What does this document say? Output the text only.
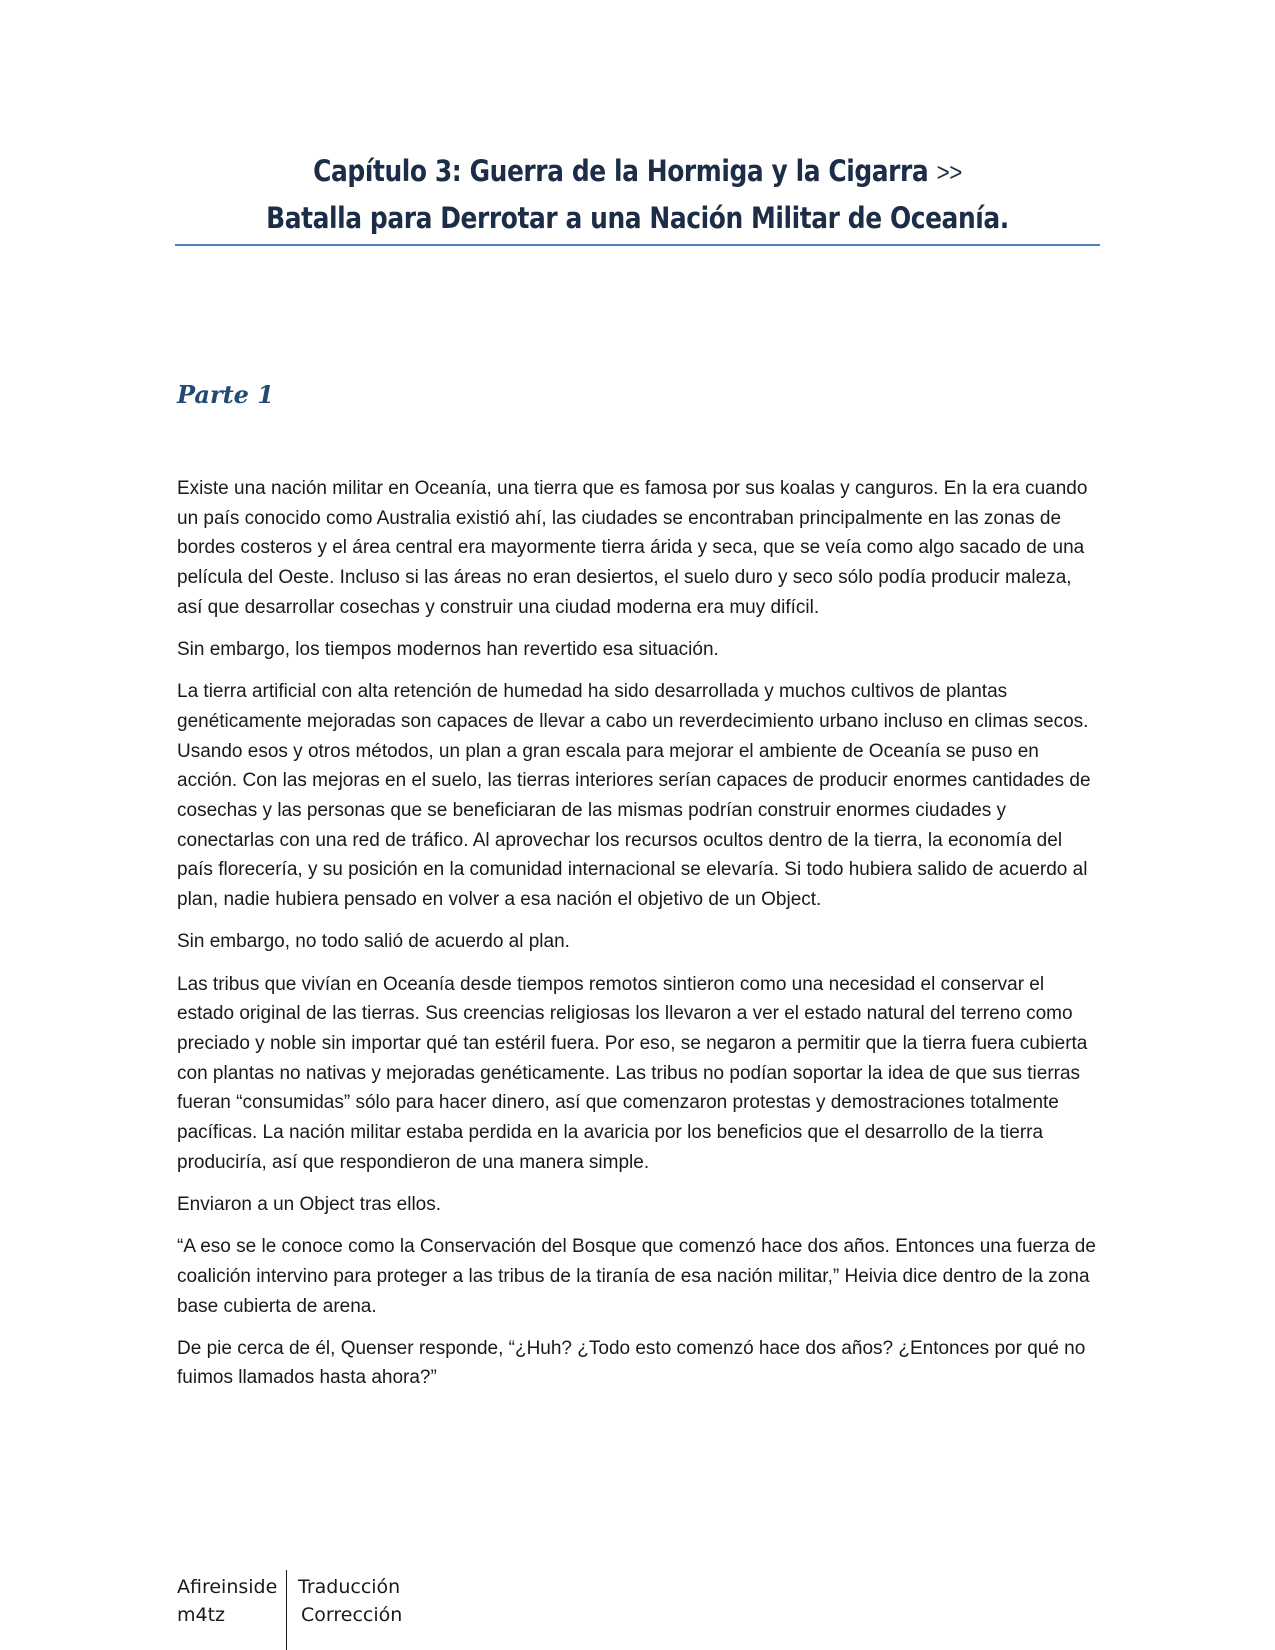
Capítulo 3: Guerra de la Hormiga y la Cigarra >>
Batalla para Derrotar a una Nación Militar de Oceanía.
Parte 1

Existe una nación militar en Oceanía, una tierra que es famosa por sus koalas y canguros. En la era cuando un país conocido como Australia existió ahí, las ciudades se encontraban principalmente en las zonas de bordes costeros y el área central era mayormente tierra árida y seca, que se veía como algo sacado de una película del Oeste. Incluso si las áreas no eran desiertos, el suelo duro y seco sólo podía producir maleza, así que desarrollar cosechas y construir una ciudad moderna era muy difícil.

Sin embargo, los tiempos modernos han revertido esa situación.

La tierra artificial con alta retención de humedad ha sido desarrollada y muchos cultivos de plantas genéticamente mejoradas son capaces de llevar a cabo un reverdecimiento urbano incluso en climas secos. Usando esos y otros métodos, un plan a gran escala para mejorar el ambiente de Oceanía se puso en acción. Con las mejoras en el suelo, las tierras interiores serían capaces de producir enormes cantidades de cosechas y las personas que se beneficiaran de las mismas podrían construir enormes ciudades y conectarlas con una red de tráfico. Al aprovechar los recursos ocultos dentro de la tierra, la economía del país florecería, y su posición en la comunidad internacional se elevaría. Si todo hubiera salido de acuerdo al plan, nadie hubiera pensado en volver a esa nación el objetivo de un Object.

Sin embargo, no todo salió de acuerdo al plan.

Las tribus que vivían en Oceanía desde tiempos remotos sintieron como una necesidad el conservar el estado original de las tierras. Sus creencias religiosas los llevaron a ver el estado natural del terreno como preciado y noble sin importar qué tan estéril fuera. Por eso, se negaron a permitir que la tierra fuera cubierta con plantas no nativas y mejoradas genéticamente. Las tribus no podían soportar la idea de que sus tierras fueran “consumidas” sólo para hacer dinero, así que comenzaron protestas y demostraciones totalmente pacíficas. La nación militar estaba perdida en la avaricia por los beneficios que el desarrollo de la tierra produciría, así que respondieron de una manera simple.

Enviaron a un Object tras ellos.

“A eso se le conoce como la Conservación del Bosque que comenzó hace dos años. Entonces una fuerza de coalición intervino para proteger a las tribus de la tiranía de esa nación militar,” Heivia dice dentro de la zona base cubierta de arena.

De pie cerca de él, Quenser responde, “¿Huh? ¿Todo esto comenzó hace dos años? ¿Entonces por qué no fuimos llamados hasta ahora?”

Afireinside
m4tz
Traducción
Corrección
